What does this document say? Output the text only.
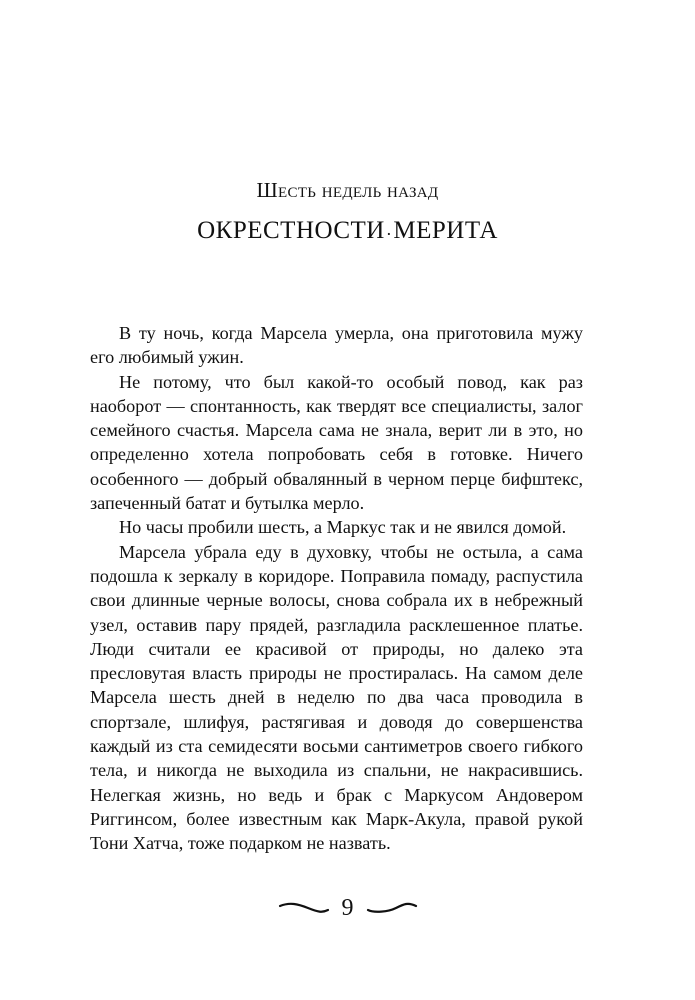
Шесть недель назад
ОКРЕСТНОСТИ·МЕРИТА

В ту ночь, когда Марсела умерла, она приготовила мужу его любимый ужин.

Не потому, что был какой-то особый повод, как раз наоборот — спонтанность, как твердят все специалисты, залог семейного счастья. Марсела сама не знала, верит ли в это, но определенно хотела попробовать себя в готовке. Ничего особенного — добрый обвалянный в черном перце бифштекс, запеченный батат и бутылка мерло.

Но часы пробили шесть, а Маркус так и не явился домой.

Марсела убрала еду в духовку, чтобы не остыла, а сама подошла к зеркалу в коридоре. Поправила помаду, распустила свои длинные черные волосы, снова собрала их в небрежный узел, оставив пару прядей, разгладила расклешенное платье. Люди считали ее красивой от природы, но далеко эта пресловутая власть природы не простиралась. На самом деле Марсела шесть дней в неделю по два часа проводила в спортзале, шлифуя, растягивая и доводя до совершенства каждый из ста семидесяти восьми сантиметров своего гибкого тела, и никогда не выходила из спальни, не накрасившись. Нелегкая жизнь, но ведь и брак с Маркусом Андовером Риггинсом, более известным как Марк-Акула, правой рукой Тони Хатча, тоже подарком не назвать.

9
